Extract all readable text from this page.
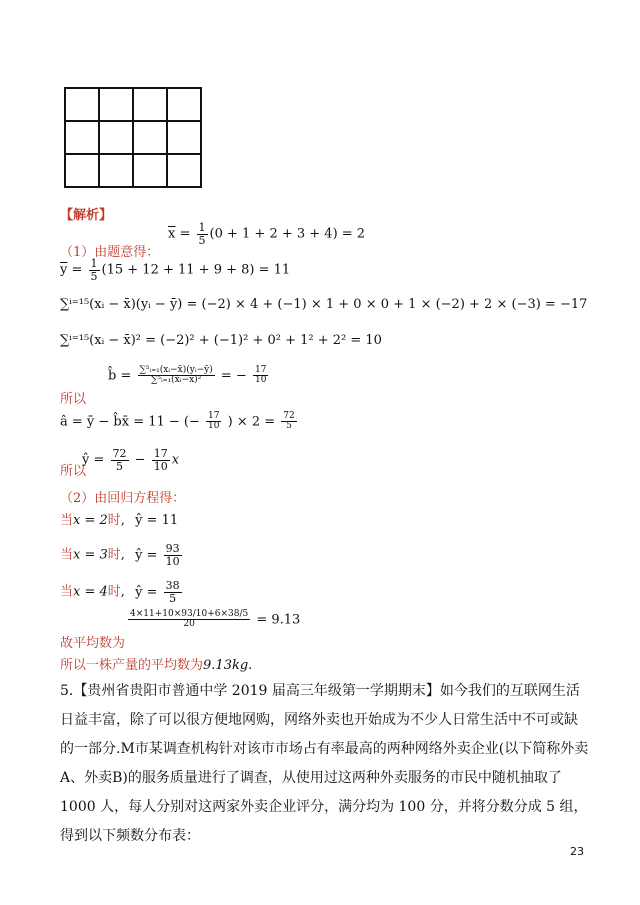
【解析】
（1）由题意得：
$\overline{x} = \frac{1}{5} (0 + 1 + 2 + 3 + 4) = 2$
$\overline{y} = \frac{1}{5} (15 + 12 + 11 + 9 + 8) = 11$
∑ⁱ⁼¹⁵(xᵢ − x̄)(yᵢ − ȳ) = (−2) × 4 + (−1) × 1 + 0 × 0 + 1 × (−2) + 2 × (−3) = −17
∑ⁱ⁼¹⁵(xᵢ − x̄)² = (−2)² + (−1)² + 0² + 1² + 2² = 10
所以
b̂ = $\frac{\text{∑⁵ᵢ₌₁(xᵢ−x̄)(yᵢ−ȳ)}}{\text{∑⁵ᵢ₌₁(xᵢ−x̄)²}}$ = − $\frac{17}{10}$
â = ȳ − b̂x̄ = 11 − (− $\frac{17}{10}$ ) × $2 = \frac{72}{5}$
所以
ŷ = $\frac{72}{5} - \frac{17}{10}$ x
（2）由回归方程得：
当x = 2时, ŷ = 11
当x = 3时, ŷ = $\frac{93}{10}$
当x = 4时, ŷ = $\frac{38}{5}$
故平均数为
$\frac{4\times 11+10\times 93/10+6\times 38/5}{20} = 9.13$
所以一株产量的平均数为9.13kg.
5.【贵州省贵阳市普通中学 2019 届高三年级第一学期期末】如今我们的互联网生活日益丰富，除了可以很方便地网购，网络外卖也开始成为不少人日常生活中不可或缺的一部分.M市某调查机构针对该市市场占有率最高的两种网络外卖企业(以下简称外卖 A、外卖B)的服务质量进行了调查，从使用过这两种外卖服务的市民中随机抽取了 1000 人，每人分别对这两家外卖企业评分，满分均为 100 分，并将分数分成 5 组，得到以下频数分布表：
23
